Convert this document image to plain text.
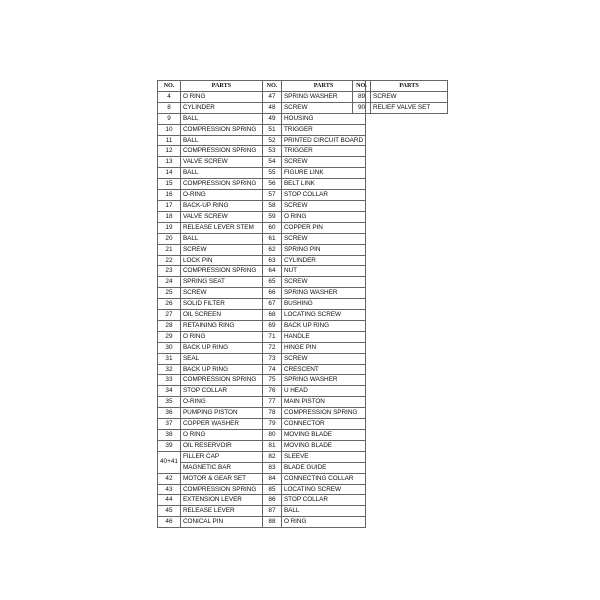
NO.	PARTS	NO.	PARTS
4	O RING	47	SPRING WASHER
8	CYLINDER	48	SCREW
9	BALL	49	HOUSING
10	COMPRESSION SPRING	51	TRIGGER
11	BALL	52	PRINTED CIRCUIT BOARD
12	COMPRESSION SPRING	53	TRIGGER
13	VALVE SCREW	54	SCREW
14	BALL	55	FIGURE LINK
15	COMPRESSION SPRING	56	BELT LINK
16	O-RING	57	STOP COLLAR
17	BACK-UP RING	58	SCREW
18	VALVE SCREW	59	O RING
19	RELEASE LEVER STEM	60	COPPER PIN
20	BALL	61	SCREW
21	SCREW	62	SPRING PIN
22	LOCK PIN	63	CYLINDER
23	COMPRESSION SPRING	64	NUT
24	SPRING SEAT	65	SCREW
25	SCREW	66	SPRING WASHER
26	SOLID FILTER	67	BUSHING
27	OIL SCREEN	68	LOCATING SCREW
28	RETAINING RING	69	BACK UP RING
29	O RING	71	HANDLE
30	BACK UP RING	72	HINGE PIN
31	SEAL	73	SCREW
32	BACK UP RING	74	CRESCENT
33	COMPRESSION SPRING	75	SPRING WASHER
34	STOP COLLAR	76	U HEAD
35	O-RING	77	MAIN PISTON
36	PUMPING PISTON	78	COMPRESSION SPRING
37	COPPER WASHER	79	CONNECTOR
38	O RING	80	MOVING BLADE
39	OIL RESERVOIR	81	MOVING BLADE
40+41	FILLER CAP	82	SLEEVE
	MAGNETIC BAR	83	BLADE GUIDE
42	MOTOR & GEAR SET	84	CONNECTING COLLAR
43	COMPRESSION SPRING	85	LOCATING SCREW
44	EXTENSION LEVER	86	STOP COLLAR
45	RELEASE LEVER	87	BALL
46	CONICAL PIN	88	O RING
NO.	PARTS
89	SCREW
90	RELIEF VALVE SET
